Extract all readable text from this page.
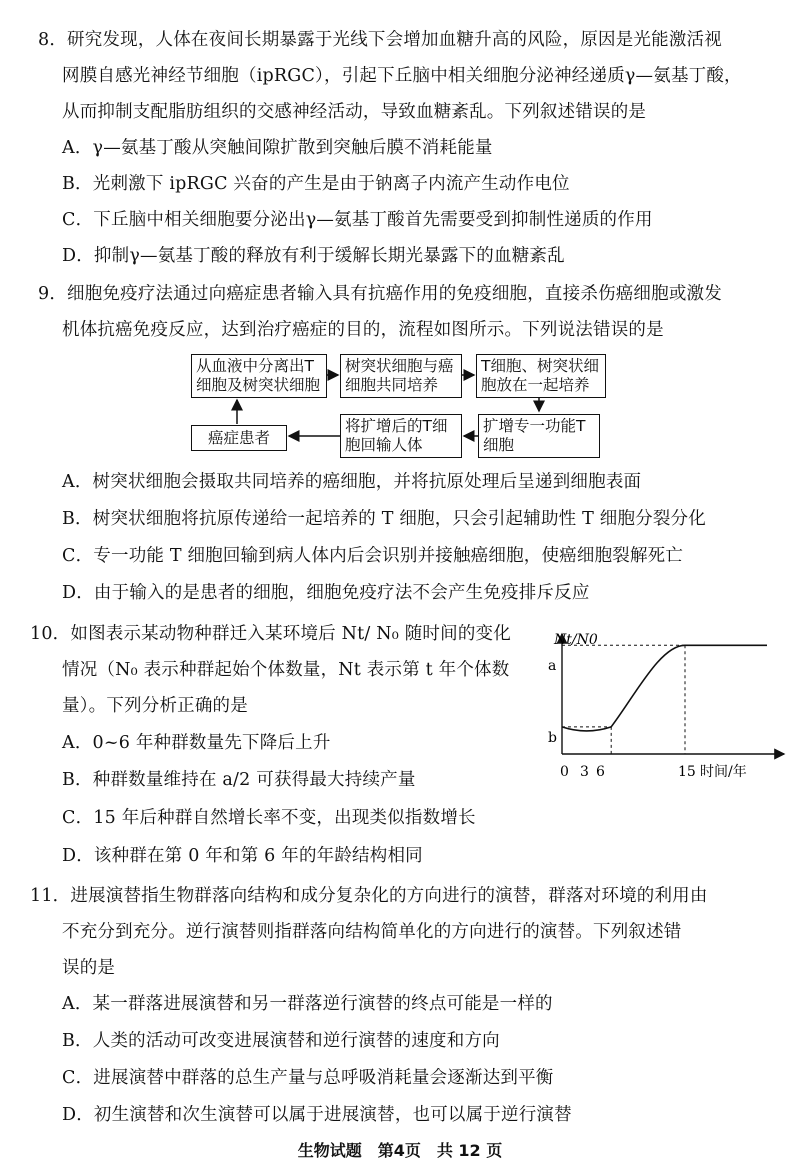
8．研究发现，人体在夜间长期暴露于光线下会增加血糖升高的风险，原因是光能激活视
网膜自感光神经节细胞（ipRGC），引起下丘脑中相关细胞分泌神经递质γ—氨基丁酸，
从而抑制支配脂肪组织的交感神经活动，导致血糖紊乱。下列叙述错误的是
A．γ—氨基丁酸从突触间隙扩散到突触后膜不消耗能量
B．光刺激下 ipRGC 兴奋的产生是由于钠离子内流产生动作电位
C．下丘脑中相关细胞要分泌出γ—氨基丁酸首先需要受到抑制性递质的作用
D．抑制γ—氨基丁酸的释放有利于缓解长期光暴露下的血糖紊乱
9．细胞免疫疗法通过向癌症患者输入具有抗癌作用的免疫细胞，直接杀伤癌细胞或激发
机体抗癌免疫反应，达到治疗癌症的目的，流程如图所示。下列说法错误的是
从血液中分离出T
细胞及树突状细胞
树突状细胞与癌
细胞共同培养
T细胞、树突状细
胞放在一起培养
扩增专一功能T
细胞
将扩增后的T细
胞回输人体
癌症患者
A．树突状细胞会摄取共同培养的癌细胞，并将抗原处理后呈递到细胞表面
B．树突状细胞将抗原传递给一起培养的 T 细胞，只会引起辅助性 T 细胞分裂分化
C．专一功能 T 细胞回输到病人体内后会识别并接触癌细胞，使癌细胞裂解死亡
D．由于输入的是患者的细胞，细胞免疫疗法不会产生免疫排斥反应
10．如图表示某动物种群迁入某环境后 Nt/ N₀ 随时间的变化
情况（N₀ 表示种群起始个体数量，Nt 表示第 t 年个体数
量）。下列分析正确的是
A．0~6 年种群数量先下降后上升
B．种群数量维持在 a/2 可获得最大持续产量
C．15 年后种群自然增长率不变，出现类似指数增长
D．该种群在第 0 年和第 6 年的年龄结构相同
Nt/N0
a
b
0 3 6	15 时间/年
11．进展演替指生物群落向结构和成分复杂化的方向进行的演替，群落对环境的利用由
不充分到充分。逆行演替则指群落向结构简单化的方向进行的演替。下列叙述错
误的是
A．某一群落进展演替和另一群落逆行演替的终点可能是一样的
B．人类的活动可改变进展演替和逆行演替的速度和方向
C．进展演替中群落的总生产量与总呼吸消耗量会逐渐达到平衡
D．初生演替和次生演替可以属于进展演替，也可以属于逆行演替
生物试题　第4页　共 12 页
